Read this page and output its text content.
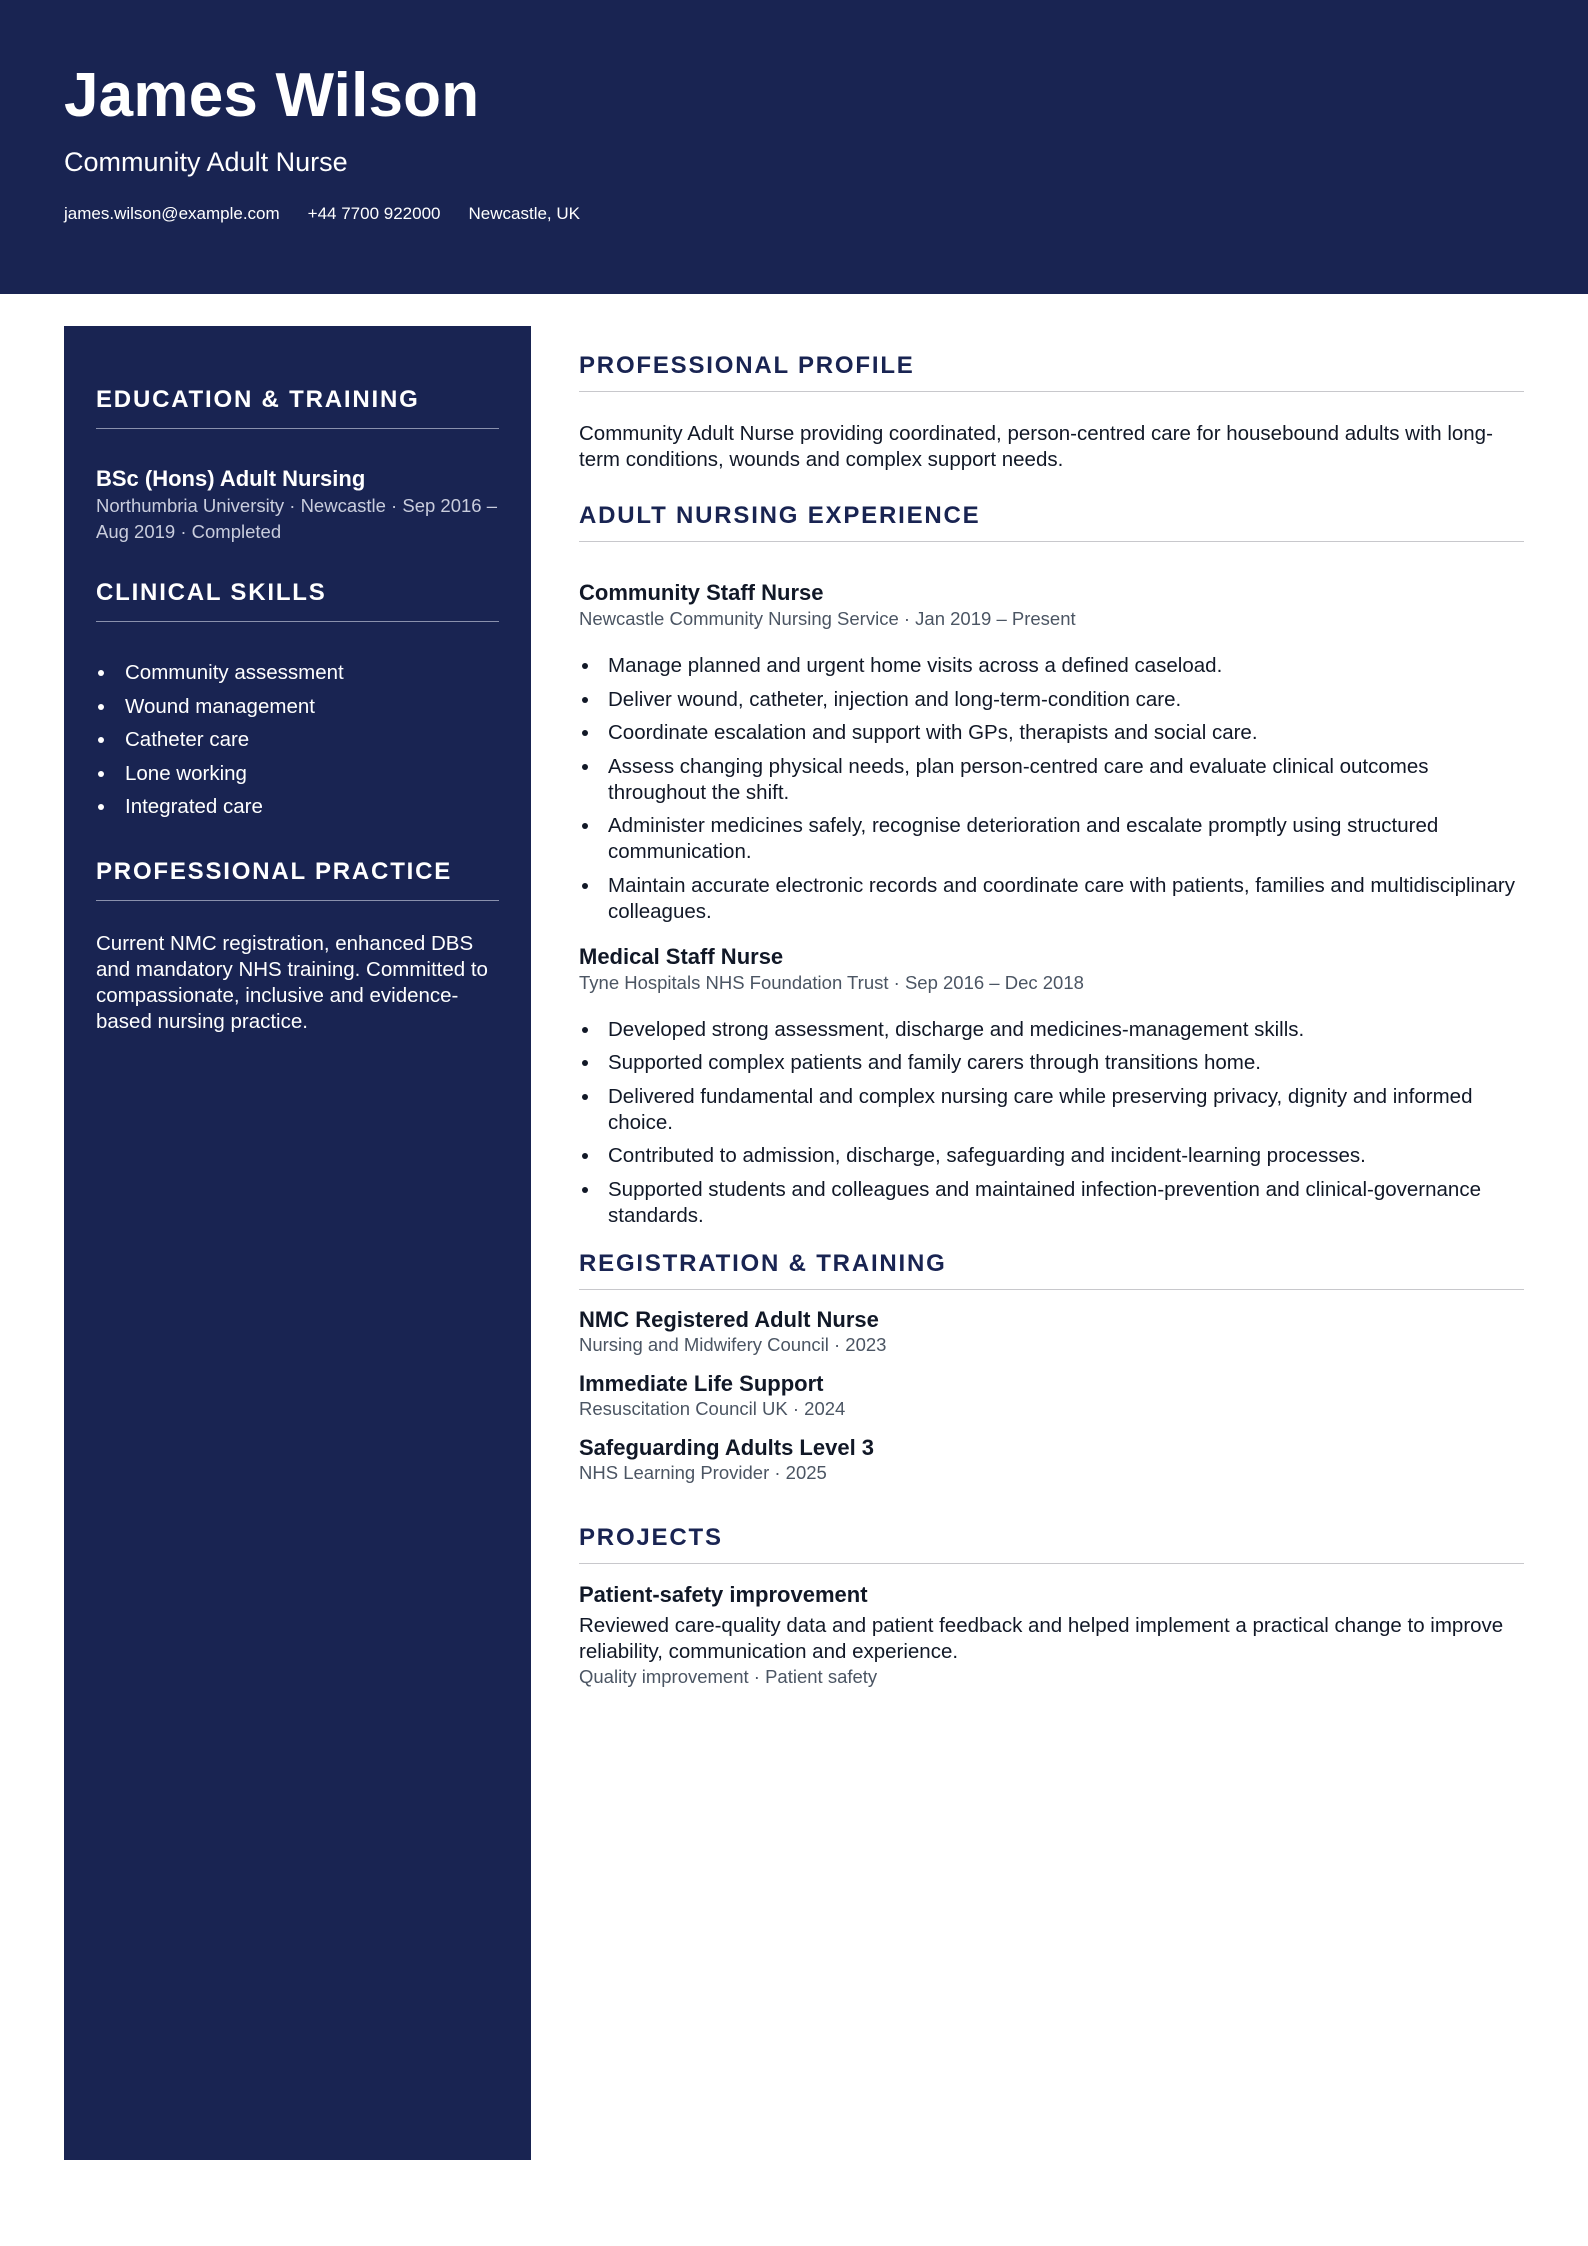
James Wilson
Community Adult Nurse
james.wilson@example.com +44 7700 922000 Newcastle, UK
EDUCATION & TRAINING
BSc (Hons) Adult Nursing
Northumbria University · Newcastle · Sep 2016 – Aug 2019 · Completed
CLINICAL SKILLS
Community assessment
Wound management
Catheter care
Lone working
Integrated care
PROFESSIONAL PRACTICE
Current NMC registration, enhanced DBS and mandatory NHS training. Committed to compassionate, inclusive and evidence-based nursing practice.
PROFESSIONAL PROFILE
Community Adult Nurse providing coordinated, person-centred care for housebound adults with long-term conditions, wounds and complex support needs.
ADULT NURSING EXPERIENCE
Community Staff Nurse
Newcastle Community Nursing Service · Jan 2019 – Present
Manage planned and urgent home visits across a defined caseload.
Deliver wound, catheter, injection and long-term-condition care.
Coordinate escalation and support with GPs, therapists and social care.
Assess changing physical needs, plan person-centred care and evaluate clinical outcomes throughout the shift.
Administer medicines safely, recognise deterioration and escalate promptly using structured communication.
Maintain accurate electronic records and coordinate care with patients, families and multidisciplinary colleagues.
Medical Staff Nurse
Tyne Hospitals NHS Foundation Trust · Sep 2016 – Dec 2018
Developed strong assessment, discharge and medicines-management skills.
Supported complex patients and family carers through transitions home.
Delivered fundamental and complex nursing care while preserving privacy, dignity and informed choice.
Contributed to admission, discharge, safeguarding and incident-learning processes.
Supported students and colleagues and maintained infection-prevention and clinical-governance standards.
REGISTRATION & TRAINING
NMC Registered Adult Nurse
Nursing and Midwifery Council · 2023
Immediate Life Support
Resuscitation Council UK · 2024
Safeguarding Adults Level 3
NHS Learning Provider · 2025
PROJECTS
Patient-safety improvement
Reviewed care-quality data and patient feedback and helped implement a practical change to improve reliability, communication and experience.
Quality improvement · Patient safety
